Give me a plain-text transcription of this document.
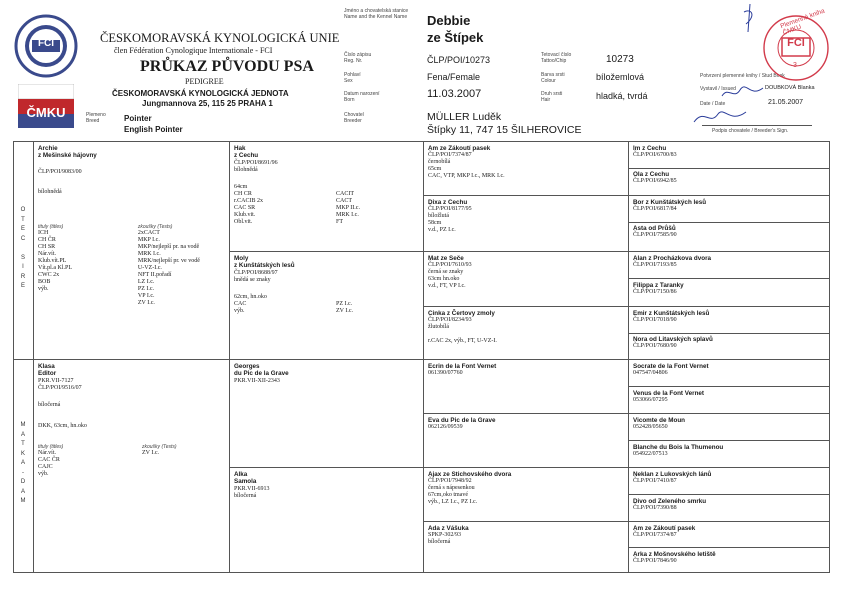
FCI
ČMKU
ČESKOMORAVSKÁ KYNOLOGICKÁ UNIE
člen Fédération Cynologique Internationale - FCI
PRŮKAZ PŮVODU PSA
PEDIGREE
ČESKOMORAVSKÁ KYNOLOGICKÁ JEDNOTA
Jungmannova 25, 115 25 PRAHA 1
Plemeno
Breed	Pointer
English Pointer
Jméno a chovatelská stanice
Name and the Kennel Name
Číslo zápisu
Reg. Nr.
Pohlaví
Sex
Datum narození
Born
Chovatel
Breeder
Debbie
ze Štípek
ČLP/POI/10273
Fena/Female
11.03.2007
MÜLLER Luděk
Štípky 11, 747 15 ŠILHEROVICE
Tetovací číslo
Tattoo/Chip
Barva srsti
Colour
Druh srsti
Hair
10273
bíložemlová
hladká, tvrdá
Potvrzení plemenné knihy / Stud Book
Vystavil / Issued	DOUBKOVÁ Blanka
Date / Date	21.05.2007
Podpis chovatele / Breeder's Sign.
Plemenná kniha ČMKU
FCI
3
O
T
E
C

S
I
R
E
M
A
T
K
A
-
D
A
M
Archie
z Mešinské hájovny
ČLP/POI/9083/00
bílohnědá
tituly (titles)
ICH
CH ČR
CH SR
Nár.vít.
Klub.vít.PL
Vít.pl.a Kl.PL
CWC 2x
BOB
výb.
zkoušky (Tests)
2xCACT
MKP I.c.
MKP/nejlepší pr. na vodě
MRK I.c.
MRK/nejlepší pr. ve vodě
U-VZ-I.c.
NFT II.pořadí
LZ I.c.
PZ I.c.
VP I.c.
ZV I.c.
Hak
z Cechu
ČLP/POI/8691/96
bílohnědá
64cm
CH CR
r.CACIB 2x
CAC SR
Klub.vit.
Obl.vit.
CACIT
CACT
MKP II.c.
MRK I.c.
FT
Moly
z Kunštátských lesů
ČLP/POI/8688/97
hnědá se znaky
62cm, hn.oko
CAC
výb.
PZ I.c.
ZV I.c.
Am ze Zákoutí pasek
ČLP/POI/7374/87
černobílá
65cm
CAC, VTP, MKP I.c., MRK I.c.
Dixa z Cechu
ČLP/POI/8177/95
bíložlutá
58cm
v.d., PZ I.c.
Mat ze Seče
ČLP/POI/7610/93
černá se znaky
63cm hn.oko
v.d., FT, VP I.c.
Cinka z Čertovy zmoly
ČLP/POI/8234/93
žlutobílá

r.CAC 2x, výb., FT, U-VZ-I.
Im z Cechu
ČLP/POI/6700/83
Ola z Cechu
ČLP/POI/6942/85
Bor z Kunštátských lesů
ČLP/POI/6817/84
Asta od Průšů
ČLP/POI/7585/90
Alan z Procházkova dvora
ČLP/POI/7193/85
Filippa z Taranky
ČLP/POI/7150/86
Emir z Kunštátských lesů
ČLP/POI/7018/90
Nora od Litavských splavů
ČLP/POI/7680/90
Klasa
Editor
PKR.VII-7127
ČLP/POI/9516/07
bíločerná
DKK, 63cm, hn.oko
tituly (titles)
Nár.vít.
CAC ČR
CAJC
výb.
zkoušky (Tests)
ZV I.c.
Georges
du Pic de la Grave
PKR.VII-XII-2343
Alka
Samola
PKR.VII-6913
bíločerná
Ecrin de la Font Vernet
061390/07760
Eva du Pic de la Grave
062126/09539
Ajax ze Stichovského dvora
ČLP/POI/7948/92
černá s nápesenkou
67cm,oko tmavé
výb., LZ I.c., PZ I.c.
Ada z Vášuka
SPKP-302/93
bíločerná
Socrate de la Font Vernet
047547/04806
Venus de la Font Vernet
053066/07295
Vicomte de Moun
052428/05650
Blanche du Bois la Thumenou
054922/07513
Neklan z Lukovských lánů
ČLP/POI/7410/87
Divo od Zeleného smrku
ČLP/POI/7390/88
Am ze Zákoutí pasek
ČLP/POI/7374/87
Arka z Mošnovského letiště
ČLP/POI/7846/90
